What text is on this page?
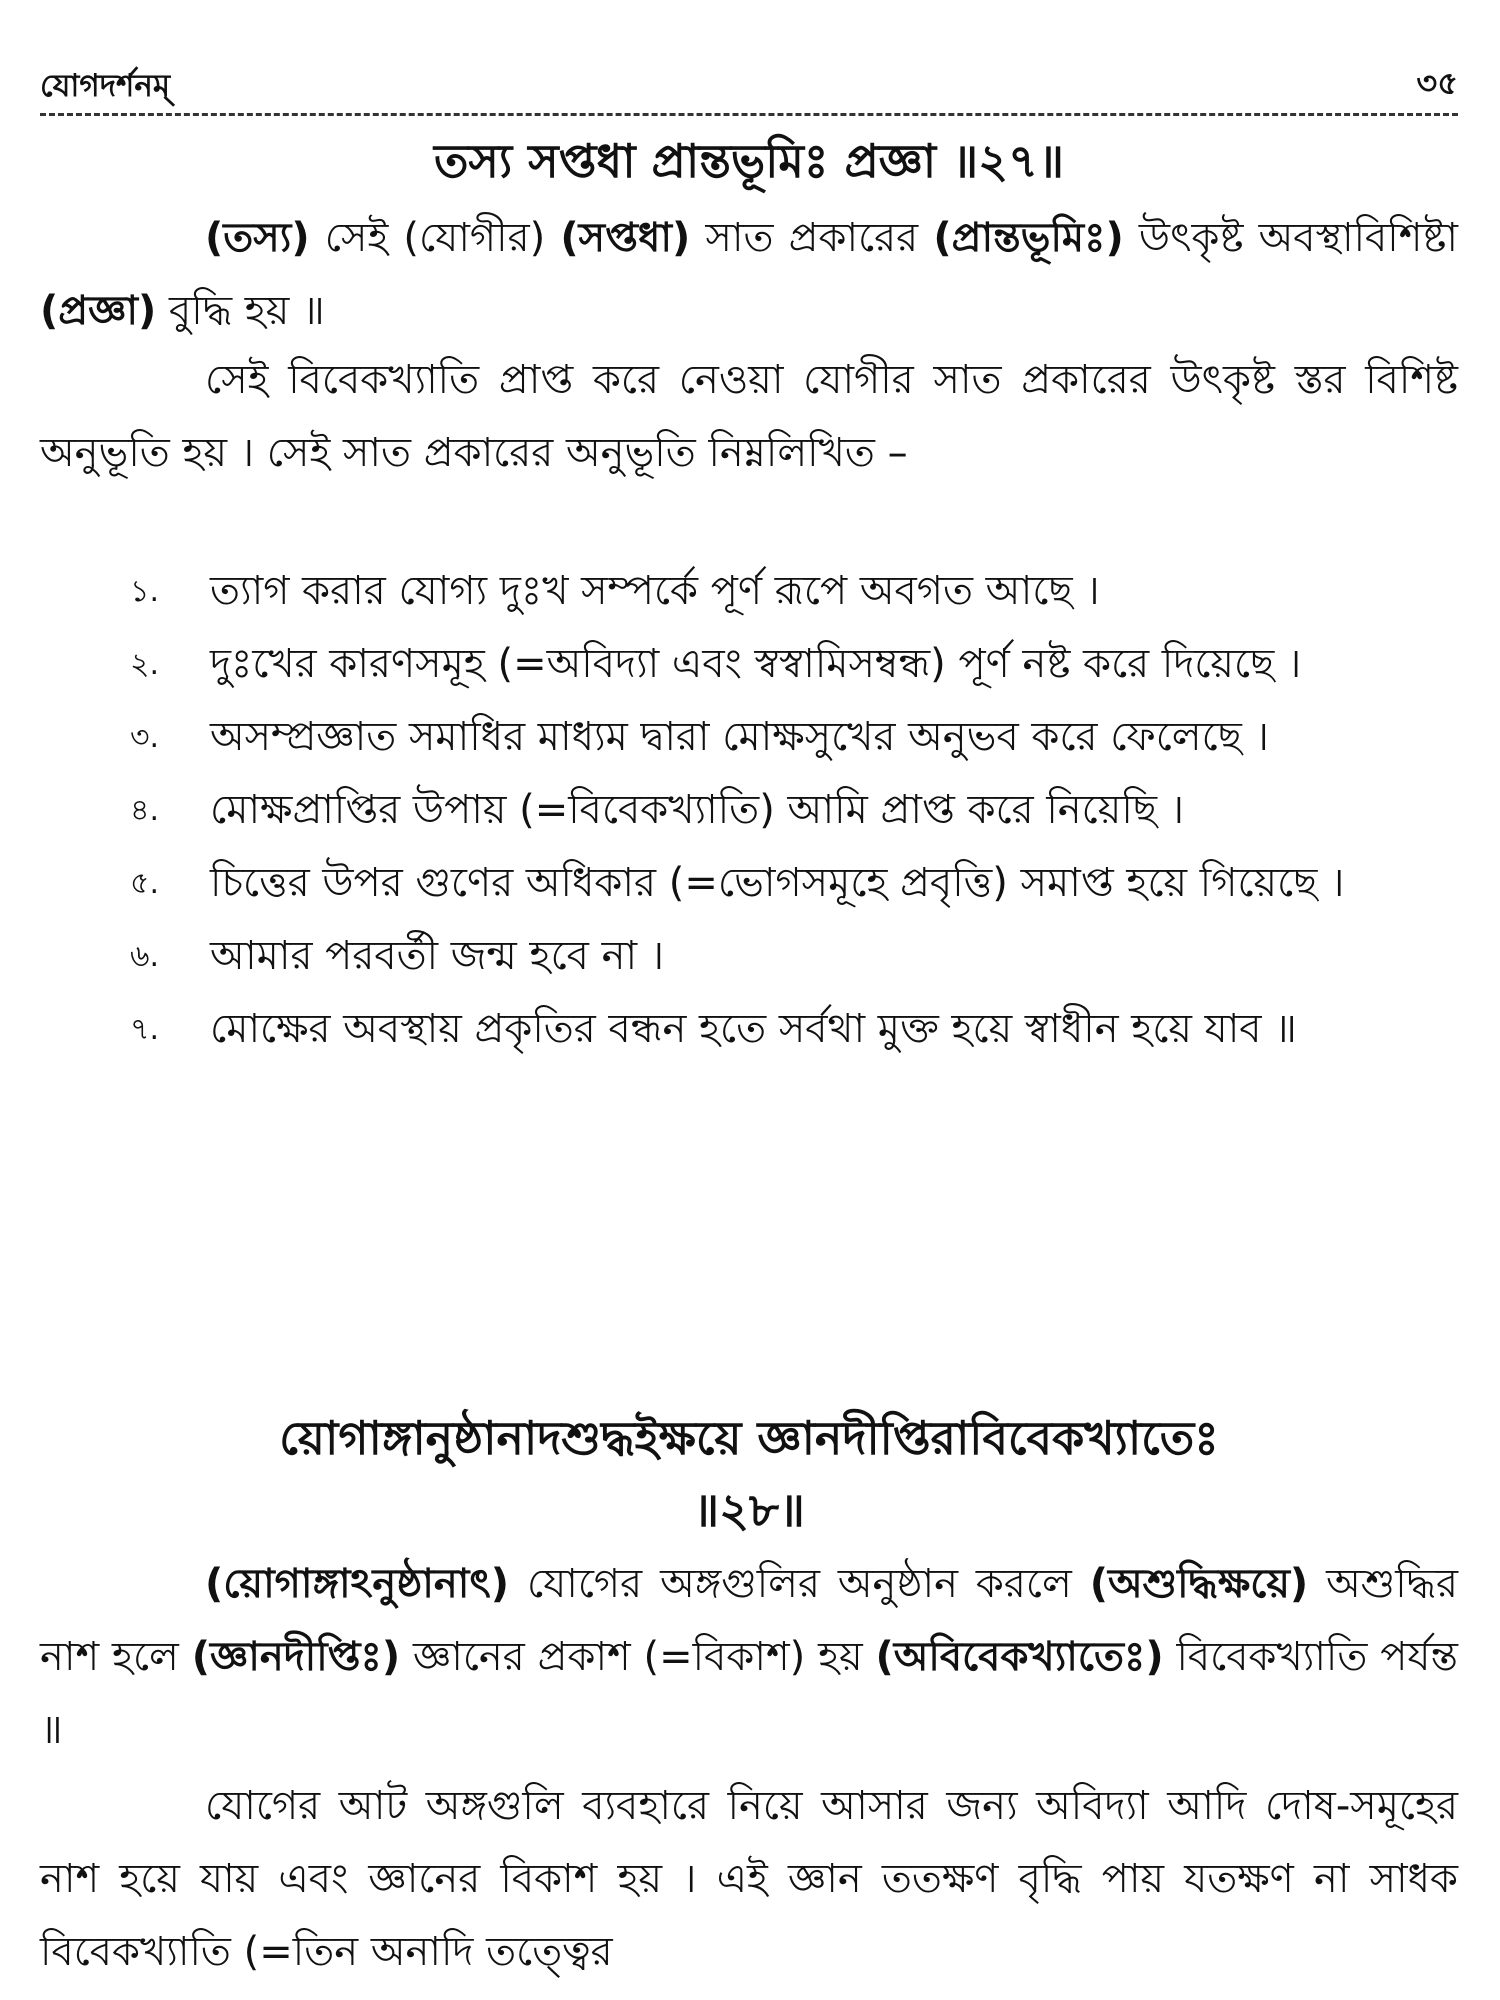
যোগদর্শনম্	৩৫
তস্য সপ্তধা প্রান্তভূমিঃ প্রজ্ঞা ॥২৭॥

(তস্য) সেই (যোগীর) (সপ্তধা) সাত প্রকারের (প্রান্তভূমিঃ) উৎকৃষ্ট অবস্থাবিশিষ্টা (প্রজ্ঞা) বুদ্ধি হয় ॥

সেই বিবেকখ্যাতি প্রাপ্ত করে নেওয়া যোগীর সাত প্রকারের উৎকৃষ্ট স্তর বিশিষ্ট অনুভূতি হয় । সেই সাত প্রকারের অনুভূতি নিম্নলিখিত –

১. ত্যাগ করার যোগ্য দুঃখ সম্পর্কে পূর্ণ রূপে অবগত আছে ।
২. দুঃখের কারণসমূহ (=অবিদ্যা এবং স্বস্বামিসম্বন্ধ) পূর্ণ নষ্ট করে দিয়েছে ।
৩. অসম্প্রজ্ঞাত সমাধির মাধ্যম দ্বারা মোক্ষসুখের অনুভব করে ফেলেছে ।
৪. মোক্ষপ্রাপ্তির উপায় (=বিবেকখ্যাতি) আমি প্রাপ্ত করে নিয়েছি ।
৫. চিত্তের উপর গুণের অধিকার (=ভোগসমূহে প্রবৃত্তি) সমাপ্ত হয়ে গিয়েছে ।
৬. আমার পরবর্তী জন্ম হবে না ।
৭. মোক্ষের অবস্থায় প্রকৃতির বন্ধন হতে সর্বথা মুক্ত হয়ে স্বাধীন হয়ে যাব ॥
য়োগাঙ্গানুষ্ঠানাদশুদ্ধইক্ষয়ে জ্ঞানদীপ্তিরাবিবেকখ্যাতেঃ
॥২৮॥

(য়োগাঙ্গাঽনুষ্ঠানাৎ) যোগের অঙ্গগুলির অনুষ্ঠান করলে (অশুদ্ধিক্ষয়ে) অশুদ্ধির নাশ হলে (জ্ঞানদীপ্তিঃ) জ্ঞানের প্রকাশ (=বিকাশ) হয় (অবিবেকখ্যাতেঃ) বিবেকখ্যাতি পর্যন্ত ॥

যোগের আট অঙ্গগুলি ব্যবহারে নিয়ে আসার জন্য অবিদ্যা আদি দোষ-সমূহের নাশ হয়ে যায় এবং জ্ঞানের বিকাশ হয় । এই জ্ঞান ততক্ষণ বৃদ্ধি পায় যতক্ষণ না সাধক বিবেকখ্যাতি (=তিন অনাদি তত্ত্বের
